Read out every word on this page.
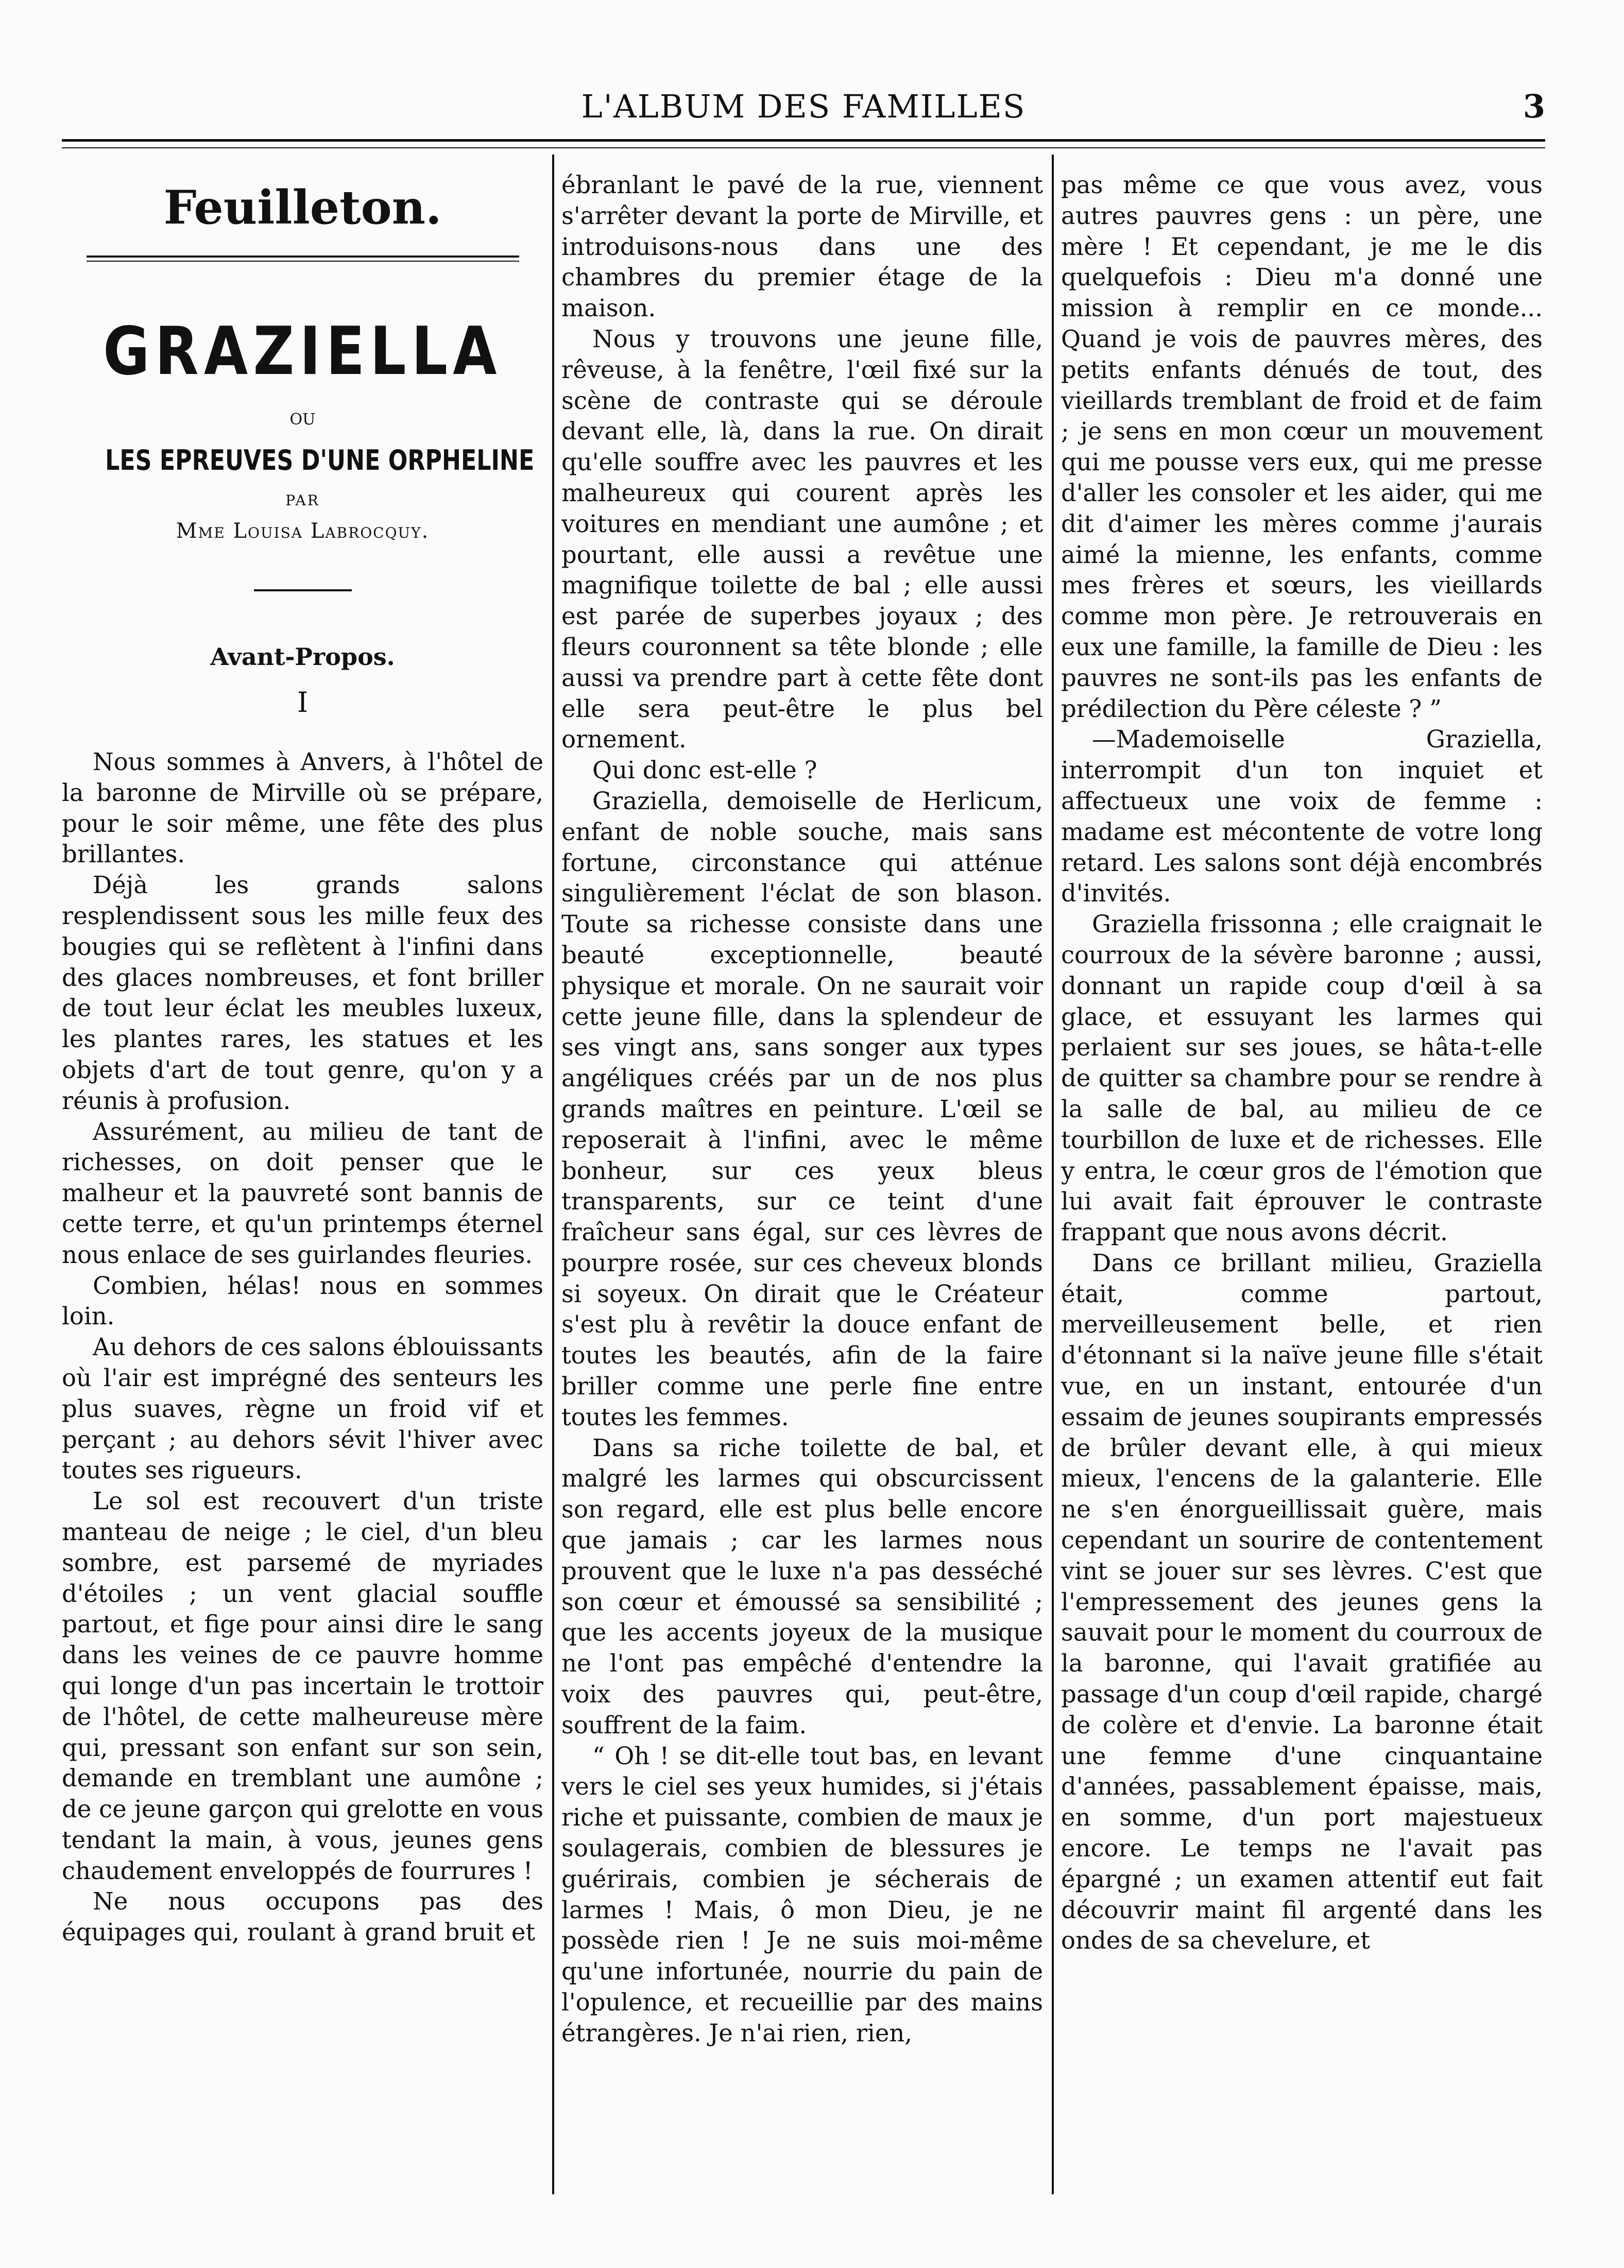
L'ALBUM DES FAMILLES	3
Feuilleton.
GRAZIELLA
OU
LES EPREUVES D'UNE ORPHELINE
PAR
Mme Louisa Labrocquy.
Avant-Propos.
I

Nous sommes à Anvers, à l'hôtel de la baronne de Mirville où se prépare, pour le soir même, une fête des plus brillantes.

Déjà les grands salons resplendissent sous les mille feux des bougies qui se reflètent à l'infini dans des glaces nombreuses, et font briller de tout leur éclat les meubles luxeux, les plantes rares, les statues et les objets d'art de tout genre, qu'on y a réunis à profusion.

Assurément, au milieu de tant de richesses, on doit penser que le malheur et la pauvreté sont bannis de cette terre, et qu'un printemps éternel nous enlace de ses guirlandes fleuries.

Combien, hélas! nous en sommes loin.

Au dehors de ces salons éblouissants où l'air est imprégné des senteurs les plus suaves, règne un froid vif et perçant ; au dehors sévit l'hiver avec toutes ses rigueurs.

Le sol est recouvert d'un triste manteau de neige ; le ciel, d'un bleu sombre, est parsemé de myriades d'étoiles ; un vent glacial souffle partout, et fige pour ainsi dire le sang dans les veines de ce pauvre homme qui longe d'un pas incertain le trottoir de l'hôtel, de cette malheureuse mère qui, pressant son enfant sur son sein, demande en tremblant une aumône ; de ce jeune garçon qui grelotte en vous tendant la main, à vous, jeunes gens chaudement enveloppés de fourrures !

Ne nous occupons pas des équipages qui, roulant à grand bruit et

ébranlant le pavé de la rue, viennent s'arrêter devant la porte de Mirville, et introduisons-nous dans une des chambres du premier étage de la maison.

Nous y trouvons une jeune fille, rêveuse, à la fenêtre, l'œil fixé sur la scène de contraste qui se déroule devant elle, là, dans la rue. On dirait qu'elle souffre avec les pauvres et les malheureux qui courent après les voitures en mendiant une aumône ; et pourtant, elle aussi a revêtue une magnifique toilette de bal ; elle aussi est parée de superbes joyaux ; des fleurs couronnent sa tête blonde ; elle aussi va prendre part à cette fête dont elle sera peut-être le plus bel ornement.

Qui donc est-elle ?

Graziella, demoiselle de Herlicum, enfant de noble souche, mais sans fortune, circonstance qui atténue singulièrement l'éclat de son blason. Toute sa richesse consiste dans une beauté exceptionnelle, beauté physique et morale. On ne saurait voir cette jeune fille, dans la splendeur de ses vingt ans, sans songer aux types angéliques créés par un de nos plus grands maîtres en peinture. L'œil se reposerait à l'infini, avec le même bonheur, sur ces yeux bleus transparents, sur ce teint d'une fraîcheur sans égal, sur ces lèvres de pourpre rosée, sur ces cheveux blonds si soyeux. On dirait que le Créateur s'est plu à revêtir la douce enfant de toutes les beautés, afin de la faire briller comme une perle fine entre toutes les femmes.

Dans sa riche toilette de bal, et malgré les larmes qui obscurcissent son regard, elle est plus belle encore que jamais ; car les larmes nous prouvent que le luxe n'a pas desséché son cœur et émoussé sa sensibilité ; que les accents joyeux de la musique ne l'ont pas empêché d'entendre la voix des pauvres qui, peut-être, souffrent de la faim.

“ Oh ! se dit-elle tout bas, en levant vers le ciel ses yeux humides, si j'étais riche et puissante, combien de maux je soulagerais, combien de blessures je guérirais, combien je sécherais de larmes ! Mais, ô mon Dieu, je ne possède rien ! Je ne suis moi-même qu'une infortunée, nourrie du pain de l'opulence, et recueillie par des mains étrangères. Je n'ai rien, rien,

pas même ce que vous avez, vous autres pauvres gens : un père, une mère ! Et cependant, je me le dis quelquefois : Dieu m'a donné une mission à remplir en ce monde... Quand je vois de pauvres mères, des petits enfants dénués de tout, des vieillards tremblant de froid et de faim ; je sens en mon cœur un mouvement qui me pousse vers eux, qui me presse d'aller les consoler et les aider, qui me dit d'aimer les mères comme j'aurais aimé la mienne, les enfants, comme mes frères et sœurs, les vieillards comme mon père. Je retrouverais en eux une famille, la famille de Dieu : les pauvres ne sont-ils pas les enfants de prédilection du Père céleste ? ”

—Mademoiselle Graziella, interrompit d'un ton inquiet et affectueux une voix de femme : madame est mécontente de votre long retard. Les salons sont déjà encombrés d'invités.

Graziella frissonna ; elle craignait le courroux de la sévère baronne ; aussi, donnant un rapide coup d'œil à sa glace, et essuyant les larmes qui perlaient sur ses joues, se hâta-t-elle de quitter sa chambre pour se rendre à la salle de bal, au milieu de ce tourbillon de luxe et de richesses. Elle y entra, le cœur gros de l'émotion que lui avait fait éprouver le contraste frappant que nous avons décrit.

Dans ce brillant milieu, Graziella était, comme partout, merveilleusement belle, et rien d'étonnant si la naïve jeune fille s'était vue, en un instant, entourée d'un essaim de jeunes soupirants empressés de brûler devant elle, à qui mieux mieux, l'encens de la galanterie. Elle ne s'en énorgueillissait guère, mais cependant un sourire de contentement vint se jouer sur ses lèvres. C'est que l'empressement des jeunes gens la sauvait pour le moment du courroux de la baronne, qui l'avait gratifiée au passage d'un coup d'œil rapide, chargé de colère et d'envie. La baronne était une femme d'une cinquantaine d'années, passablement épaisse, mais, en somme, d'un port majestueux encore. Le temps ne l'avait pas épargné ; un examen attentif eut fait découvrir maint fil argenté dans les ondes de sa chevelure, et
